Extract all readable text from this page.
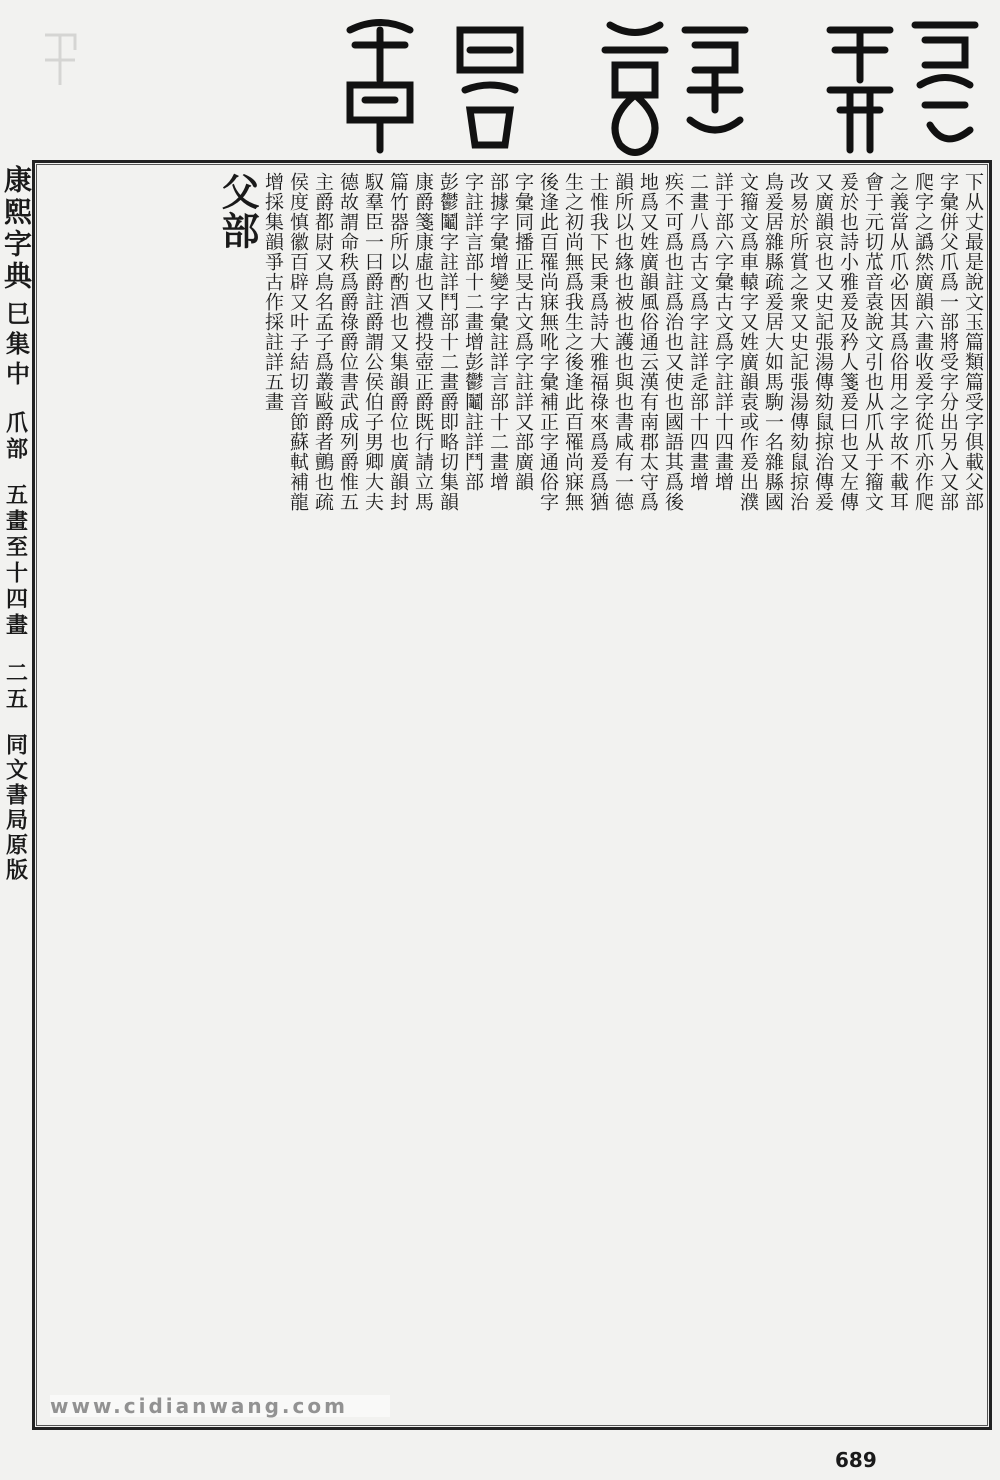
康熙字典
巳集中
爪部
五畫至十四畫
二五
同文書局原版
下从丈最是說文玉篇類篇受字俱載父部
字彙併父爪爲一部將受字分出另入又部
爬字之譌然廣韻六畫收爰字從爪亦作爬
之義當从爪必因其爲俗用之字故不載耳
會于元切苽音袁說文引也从爪从于籀文
爰於也詩小雅爰及矜人箋爰曰也又左傳
又廣韻哀也又史記張湯傳劾鼠掠治傳爰
改易於所賞之衆又史記張湯傳劾鼠掠治
鳥爰居雜縣疏爰居大如馬駒一名雜縣國
文籀文爲車轅字又姓廣韻袁或作爰出濮
詳于部六字彙古文爲字註詳十四畫增
二畫八爲古文爲字註詳辵部十四畫增
疾不可爲也註爲治也又使也國語其爲後
地爲又姓廣韻風俗通云漢有南郡太守爲
韻所以也緣也被也護也與也書咸有一德
士惟我下民秉爲詩大雅福祿來爲爰爲猶
生之初尚無爲我生之後逢此百罹尚寐無
後逢此百罹尚寐無吪字彙補正字通俗字
字彙同播正旻古文爲字註詳又部廣韻
部據字彙增變字彙註詳言部十二畫增
字註詳言部十二畫增彭鬱鬮註詳鬥部
彭鬱鬮字註詳鬥部十二畫爵即略切集韻
康爵箋康虛也又禮投壺正爵既行請立馬
篇竹器所以酌酒也又集韻爵位也廣韻封
馭羣臣一曰爵註爵謂公侯伯子男卿大夫
德故謂命秩爲爵祿爵位書武成列爵惟五
主爵都尉又鳥名孟子爲叢敺爵者鸇也疏
侯度慎徽百辟又叶子結切音節蘇軾補龍
增採集韻爭古作採註詳五畫
父部
www.cidianwang.com
689
